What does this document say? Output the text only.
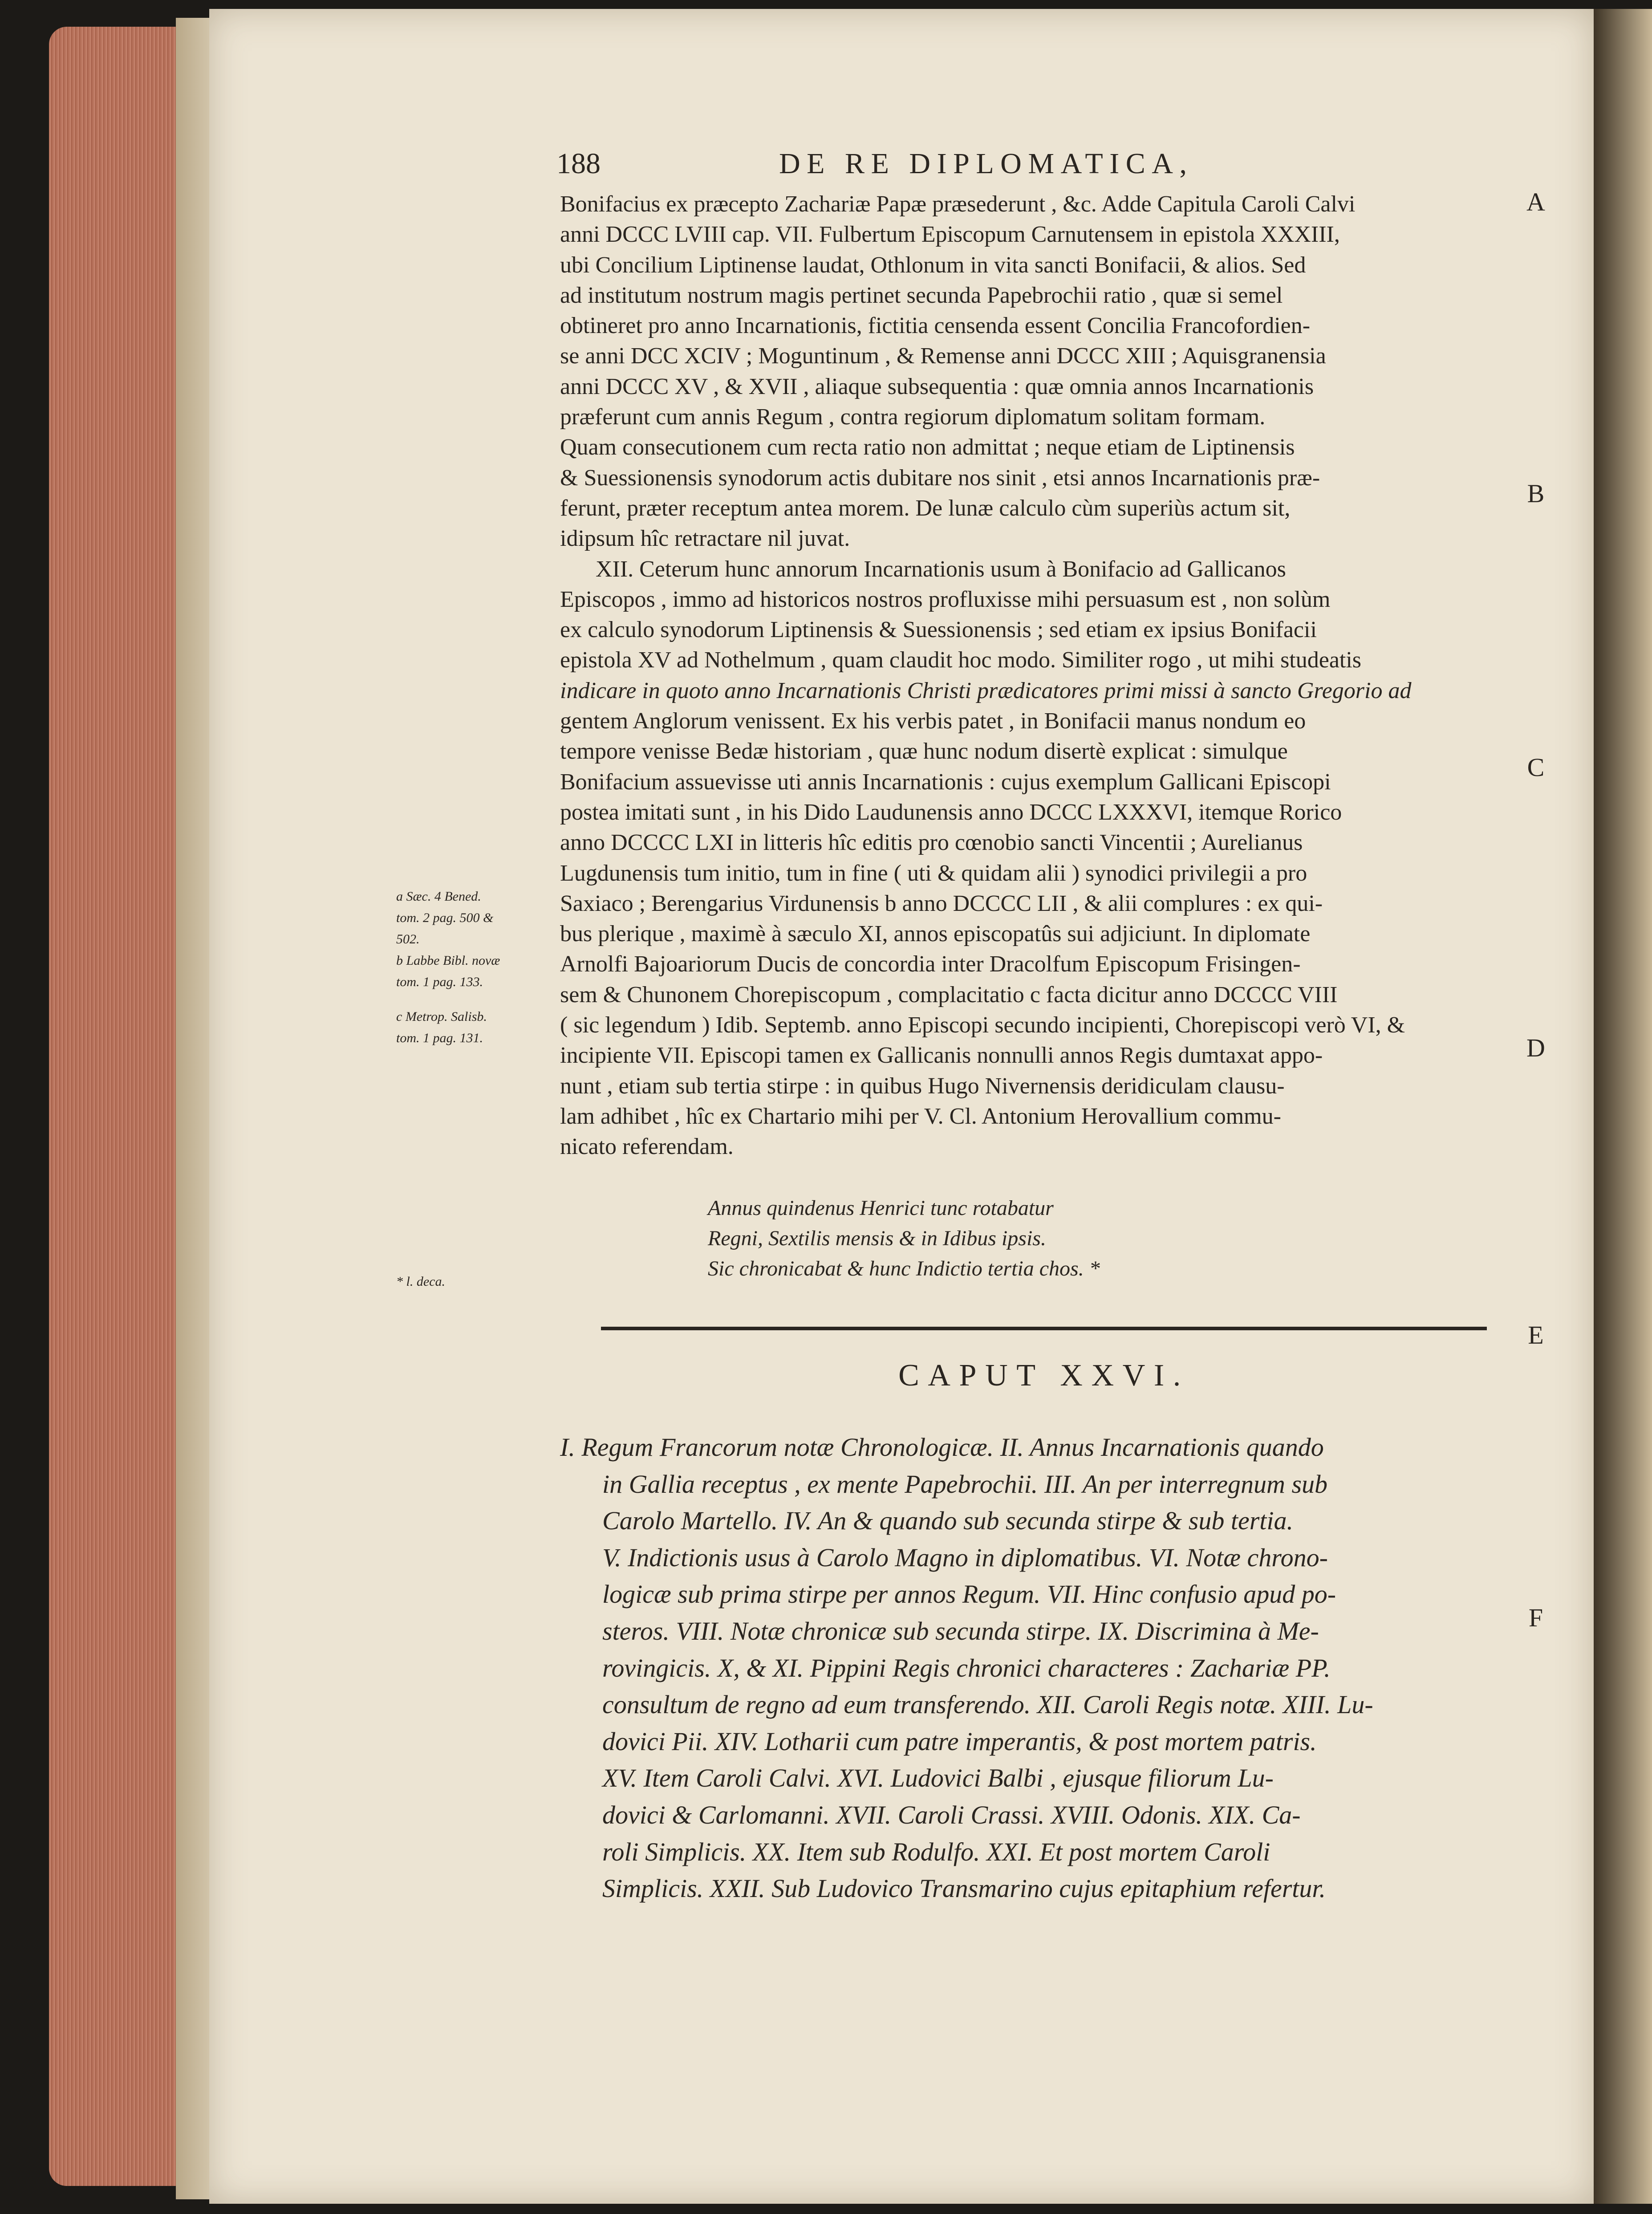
188	DE RE DIPLOMATICA,
Bonifacius ex præcepto Zachariæ Papæ præsederunt , &c. Adde Capitula Caroli Calvi
anni DCCC LVIII cap. VII. Fulbertum Episcopum Carnutensem in epistola XXXIII,
ubi Concilium Liptinense laudat, Othlonum in vita sancti Bonifacii, & alios. Sed
ad institutum nostrum magis pertinet secunda Papebrochii ratio , quæ si semel
obtineret pro anno Incarnationis, fictitia censenda essent Concilia Francofordien-
se anni DCC XCIV ; Moguntinum , & Remense anni DCCC XIII ; Aquisgranensia
anni DCCC XV , & XVII , aliaque subsequentia : quæ omnia annos Incarnationis
præferunt cum annis Regum , contra regiorum diplomatum solitam formam.
Quam consecutionem cum recta ratio non admittat ; neque etiam de Liptinensis
& Suessionensis synodorum actis dubitare nos sinit , etsi annos Incarnationis præ-
ferunt, præter receptum antea morem. De lunæ calculo cùm superiùs actum sit,
idipsum hîc retractare nil juvat.
XII. Ceterum hunc annorum Incarnationis usum à Bonifacio ad Gallicanos
Episcopos , immo ad historicos nostros profluxisse mihi persuasum est , non solùm
ex calculo synodorum Liptinensis & Suessionensis ; sed etiam ex ipsius Bonifacii
epistola XV ad Nothelmum , quam claudit hoc modo. Similiter rogo , ut mihi studeatis
indicare in quoto anno Incarnationis Christi prædicatores primi missi à sancto Gregorio ad
gentem Anglorum venissent. Ex his verbis patet , in Bonifacii manus nondum eo
tempore venisse Bedæ historiam , quæ hunc nodum disertè explicat : simulque
Bonifacium assuevisse uti annis Incarnationis : cujus exemplum Gallicani Episcopi
postea imitati sunt , in his Dido Laudunensis anno DCCC LXXXVI, itemque Rorico
anno DCCCC LXI in litteris hîc editis pro cœnobio sancti Vincentii ; Aurelianus
Lugdunensis tum initio, tum in fine ( uti & quidam alii ) synodici privilegii a pro
Saxiaco ; Berengarius Virdunensis b anno DCCCC LII , & alii complures : ex qui-
bus plerique , maximè à sæculo XI, annos episcopatûs sui adjiciunt. In diplomate
Arnolfi Bajoariorum Ducis de concordia inter Dracolfum Episcopum Frisingen-
sem & Chunonem Chorepiscopum , complacitatio c facta dicitur anno DCCCC VIII
( sic legendum ) Idib. Septemb. anno Episcopi secundo incipienti, Chorepiscopi verò VI, &
incipiente VII. Episcopi tamen ex Gallicanis nonnulli annos Regis dumtaxat appo-
nunt , etiam sub tertia stirpe : in quibus Hugo Nivernensis deridiculam clausu-
lam adhibet , hîc ex Chartario mihi per V. Cl. Antonium Herovallium commu-
nicato referendam.
Annus quindenus Henrici tunc rotabatur
Regni, Sextilis mensis & in Idibus ipsis.
Sic chronicabat & hunc Indictio tertia chos. *
a Sæc. 4 Bened.
tom. 2 pag. 500 &
502.
b Labbe Bibl. novæ
tom. 1 pag. 133.
c Metrop. Salisb.
tom. 1 pag. 131.
* l. deca.
A
B
C
D
E
F
CAPUT XXVI.
I. Regum Francorum notæ Chronologicæ. II. Annus Incarnationis quando
in Gallia receptus , ex mente Papebrochii. III. An per interregnum sub
Carolo Martello. IV. An & quando sub secunda stirpe & sub tertia.
V. Indictionis usus à Carolo Magno in diplomatibus. VI. Notæ chrono-
logicæ sub prima stirpe per annos Regum. VII. Hinc confusio apud po-
steros. VIII. Notæ chronicæ sub secunda stirpe. IX. Discrimina à Me-
rovingicis. X, & XI. Pippini Regis chronici characteres : Zachariæ PP.
consultum de regno ad eum transferendo. XII. Caroli Regis notæ. XIII. Lu-
dovici Pii. XIV. Lotharii cum patre imperantis, & post mortem patris.
XV. Item Caroli Calvi. XVI. Ludovici Balbi , ejusque filiorum Lu-
dovici & Carlomanni. XVII. Caroli Crassi. XVIII. Odonis. XIX. Ca-
roli Simplicis. XX. Item sub Rodulfo. XXI. Et post mortem Caroli
Simplicis. XXII. Sub Ludovico Transmarino cujus epitaphium refertur.
